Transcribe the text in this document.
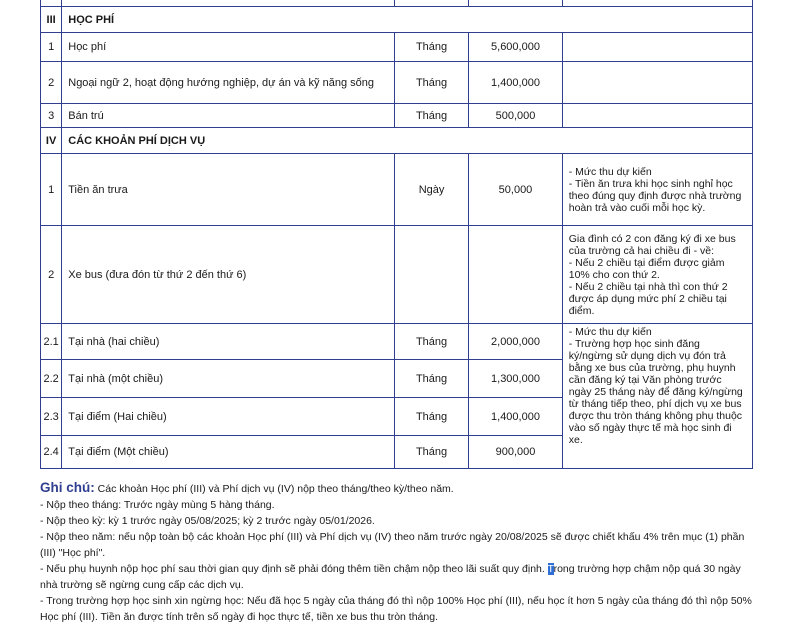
III	HỌC PHÍ			
1	Học phí	Tháng	5,600,000	
2	Ngoại ngữ 2, hoạt động hướng nghiệp, dự án và kỹ năng sống	Tháng	1,400,000	
3	Bán trú	Tháng	500,000	
IV	CÁC KHOẢN PHÍ DỊCH VỤ			
1	Tiền ăn trưa	Ngày	50,000	- Mức thu dự kiến
- Tiền ăn trưa khi học sinh nghỉ học theo đúng quy định được nhà trường hoàn trả vào cuối mỗi học kỳ.

2	Xe bus (đưa đón từ thứ 2 đến thứ 6)			Gia đình có 2 con đăng ký đi xe bus của trường cả hai chiều đi - về:
- Nếu 2 chiều tại điểm được giảm 10% cho con thứ 2.
- Nếu 2 chiều tại nhà thì con thứ 2 được áp dụng mức phí 2 chiều tại điểm.

2.1	Tại nhà (hai chiều)	Tháng	2,000,000	- Mức thu dự kiến
- Trường hợp học sinh đăng ký/ngừng sử dụng dịch vụ đón trả bằng xe bus của trường, phụ huynh cần đăng ký tại Văn phòng trước ngày 25 tháng này để đăng ký/ngừng từ tháng tiếp theo, phí dịch vụ xe bus được thu tròn tháng không phụ thuộc vào số ngày thực tế mà học sinh đi xe.

2.2	Tại nhà (một chiều)	Tháng	1,300,000	
2.3	Tại điểm (Hai chiều)	Tháng	1,400,000	
2.4	Tại điểm (Một chiều)	Tháng	900,000	
Ghi chú: Các khoản Học phí (III) và Phí dịch vụ (IV) nộp theo tháng/theo kỳ/theo năm.
- Nộp theo tháng: Trước ngày mùng 5 hàng tháng.
- Nộp theo kỳ: kỳ 1 trước ngày 05/08/2025; kỳ 2 trước ngày 05/01/2026.
- Nộp theo năm: nếu nộp toàn bộ các khoản Học phí (III) và Phí dịch vụ (IV) theo năm trước ngày 20/08/2025 sẽ được chiết khấu 4% trên mục (1) phần (III) "Học phí".
- Nếu phụ huynh nộp học phí sau thời gian quy định sẽ phải đóng thêm tiền chậm nộp theo lãi suất quy định. Trong trường hợp chậm nộp quá 30 ngày nhà trường sẽ ngừng cung cấp các dịch vụ.
- Trong trường hợp học sinh xin ngừng học: Nếu đã học 5 ngày của tháng đó thì nộp 100% Học phí (III), nếu học ít hơn 5 ngày của tháng đó thì nộp 50% Học phí (III). Tiền ăn được tính trên số ngày đi học thực tế, tiền xe bus thu tròn tháng.
